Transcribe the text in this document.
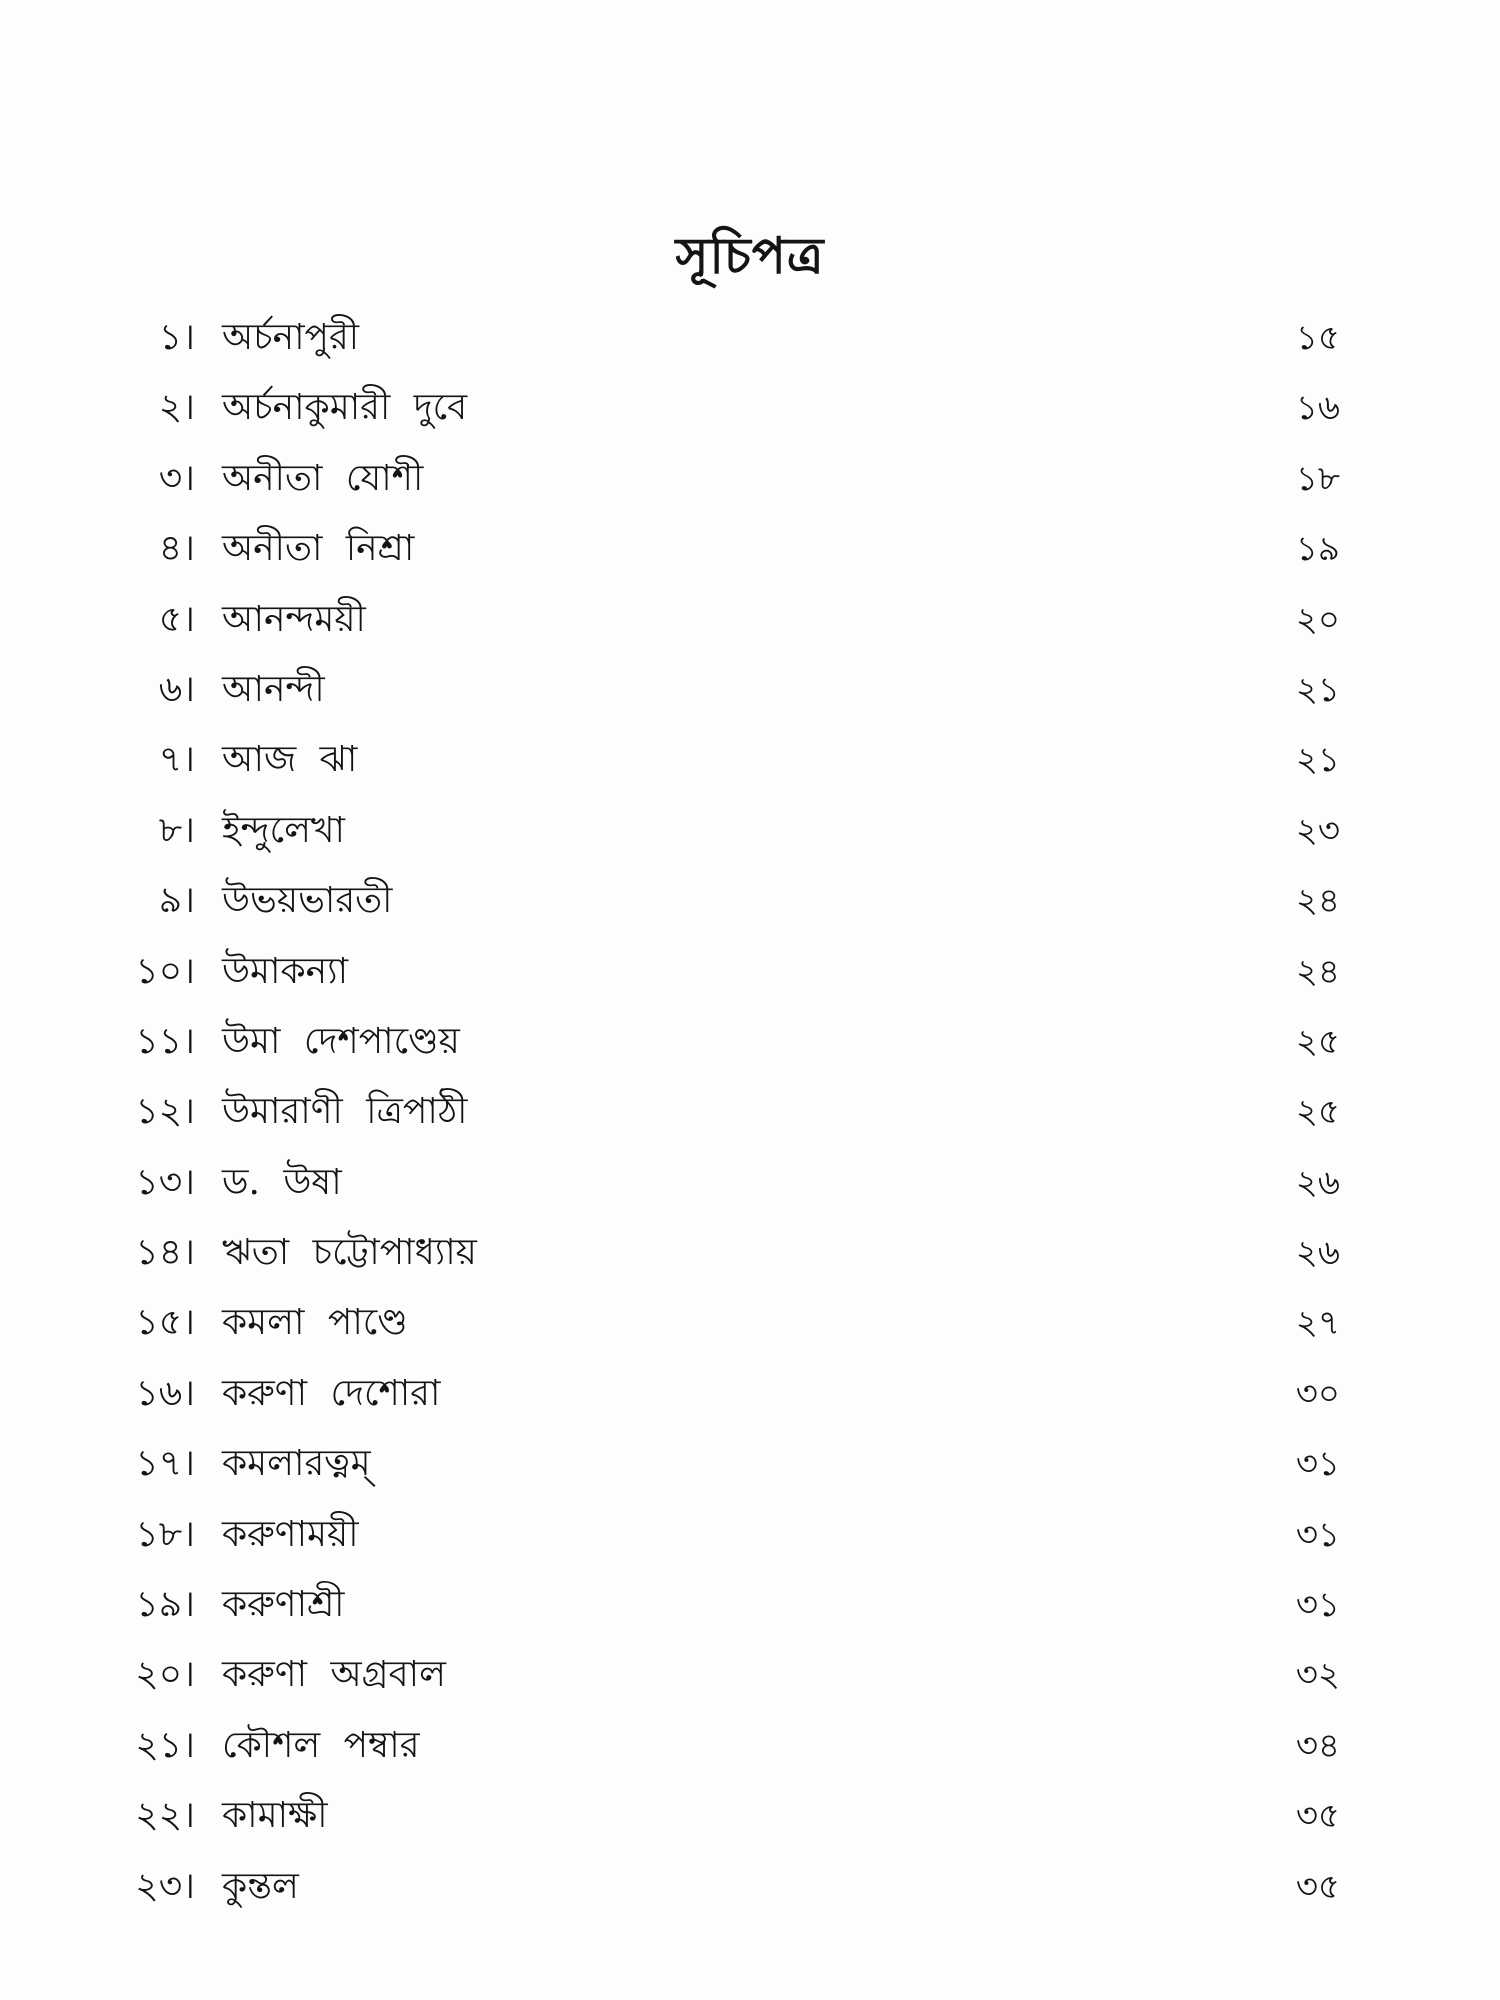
সূচিপত্র
১। অর্চনাপুরী	১৫
২। অর্চনাকুমারী দুবে	১৬
৩। অনীতা যোশী	১৮
৪। অনীতা নিশ্রা	১৯
৫। আনন্দময়ী	২০
৬। আনন্দী	২১
৭। আজ ঝা	২১
৮। ইন্দুলেখা	২৩
৯। উভয়ভারতী	২৪
১০। উমাকন্যা	২৪
১১। উমা দেশপাণ্ডেয়	২৫
১২। উমারাণী ত্রিপাঠী	২৫
১৩। ড. উষা	২৬
১৪। ঋতা চট্টোপাধ্যায়	২৬
১৫। কমলা পাণ্ডে	২৭
১৬। করুণা দেশোরা	৩০
১৭। কমলারত্নম্	৩১
১৮। করুণাময়ী	৩১
১৯। করুণাশ্রী	৩১
২০। করুণা অগ্রবাল	৩২
২১। কৌশল পম্বার	৩৪
২২। কামাক্ষী	৩৫
২৩। কুন্তল	৩৫
